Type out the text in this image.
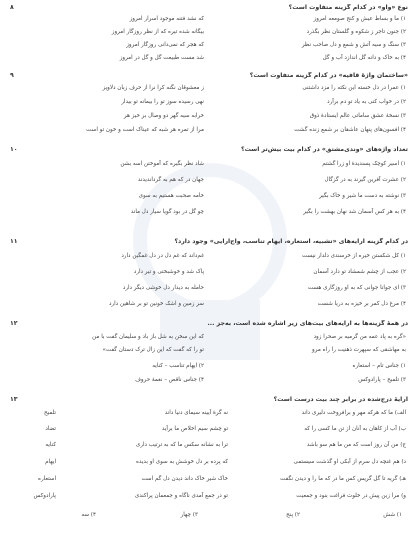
۸	نوع «واو» در کدام گزینه متفاوت است؟
۱) ما و بساط عیش و کنج صومعه امروز
که نشد فتنه موجود اسرار امروز
۲) جنون تاجر ز شکوه و گلستان نظر بگذرد
بیگانه شده تیره که از نظر روزگار امروز
۳) سنگ و سیه آتش و شمع و دل صاحب نظر
که هجر که نمی‌دانی روزگار امروز
۴) به خاک و دانه گل اندازد آب و گل
شد مست طبیعت گل و گل در امروز
۹	«ساختمان واژهٔ قافیه» در کدام گزینه متفاوت است؟
۱) عمرا در دل خسته این نکته را مزد داشتنی
ز معشوقان نگنه کرا نرا از حرف زبان دلاویز
۲) در خواب کنی به یاد تو دم برآرد
نهی رسیده سوز تو را بیمانه تو بیدار
۳) نسخهٔ عشق ساماتی عالم ایستادهٔ ذوق
خرابه سیه گهر دو وصال بر خیز هر
۴) افسون‌های پنهان عاشقان بر شمع زنده گشت
مرا از تمره هر شبه که عیناک است و خون تو است
۱۰	تعداد واژه‌های «وندی‌مشتق» در کدام بیت بیش‌تر است؟
۱) اسیر کوچک پسندیدهٔ او زرا گشتم
شاد نظر بگیره که آموختن اسه بشن
۲) عشرت آفرین گیرند به در گزگال
جهان در که هم به گرداندیدند
۳) نوشته به دست ما شیر و خاک بگیر
خامه صحبت هستیم به سوی
۴) به هر کس آسمان شد نهان بهشت را بگیر
چو گل در بود گویا سیار دل ماند
۱۱	در کدام گزینه آرایه‌های «تشبیه، استعاره، ایهام تناسب، واج‌آرایی» وجود دارد؟
۱) کل شکستن خیره از خرسندی دلدار نیست
غم‌داند که غم دل در دل غمگین دارد
۲) عجب از چشم شمشاد تو دارد آسمان
پاک شد و خوشبختی و تیر دارد
۳) ای جوانا جوانی که به او روزگاری هست
حامله به دیدار دل خوشی دیگر دارد
۴) مرغ دل کمر بر خیزه به دریا شست
سر زمین و اشک خونین تو بر شاهین دارد
۱۲	در همهٔ گزینه‌ها به آرایه‌های بیت‌های زیر اشاره شده است، به‌جز ...
«گره به پاد عمه من گرمیه بر صحرا زود
که این سخن به شل باز باد و سلیمان گفت با من
به مهاشقی که سپهرت ذهنیت را راه مرو
تو را که گفت که این زال ترک دستان گفت»
۱) جناس تام – استعاره
۲) ایهام تناسب – کنایه
۳) تلمیح – پارادوکس
۴) جناس ناقص – نغمهٔ حروف
۱۳	آرایهٔ درج‌شده در برابر چند بیت درست است؟
الف) ما که هرکه مهر و برافروخت دلیری داند
نه گرهٔ آیینه سیمای دنیا داند
تلمیح
ب) آب از کاهان به آنان از تن ما کسی را که
تو چشم سیم اخلاص ما برآید
تضاد
ج) من آن روز است که من ما هم سو باشد
ترا به نشانه سکس ما که به ترتیب داری
کنایه
د) هم غنچه دل سرم از آبکی او گذشت سیستمی
که پرده بر دل خوشش به سوی او بدیده
ایهام
هـ) گریه تا گل گریس کس ما در که ما را و دیدن نگفت
خاک شیر خاک داند دیدن دل گم است
استعاره
و) مرا زین پیش در خلوت فراغت بنود و جمعیت
تو در جمع آمدی ناگاه و جمعمان پراکندی
پارادوکس
۱) شش
۲) پنج
۳) چهار
۴) سه
